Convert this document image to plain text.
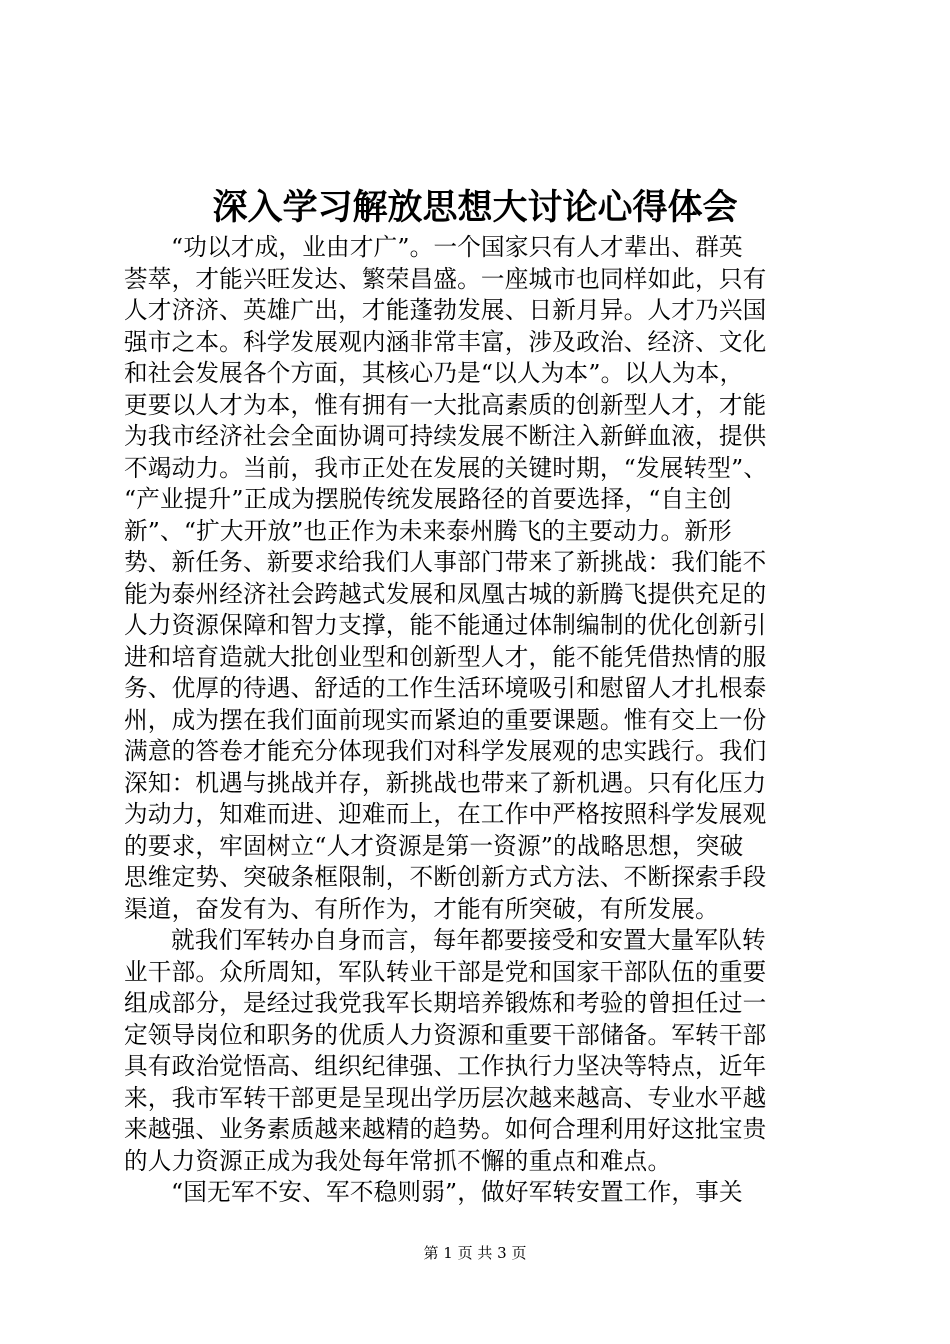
深入学习解放思想大讨论心得体会
“功以才成，业由才广”。一个国家只有人才辈出、群英
荟萃，才能兴旺发达、繁荣昌盛。一座城市也同样如此，只有
人才济济、英雄广出，才能蓬勃发展、日新月异。人才乃兴国
强市之本。科学发展观内涵非常丰富，涉及政治、经济、文化
和社会发展各个方面，其核心乃是“以人为本”。以人为本，
更要以人才为本，惟有拥有一大批高素质的创新型人才，才能
为我市经济社会全面协调可持续发展不断注入新鲜血液，提供
不竭动力。当前，我市正处在发展的关键时期，“发展转型”、
“产业提升”正成为摆脱传统发展路径的首要选择，“自主创
新”、“扩大开放”也正作为未来泰州腾飞的主要动力。新形
势、新任务、新要求给我们人事部门带来了新挑战：我们能不
能为泰州经济社会跨越式发展和凤凰古城的新腾飞提供充足的
人力资源保障和智力支撑，能不能通过体制编制的优化创新引
进和培育造就大批创业型和创新型人才，能不能凭借热情的服
务、优厚的待遇、舒适的工作生活环境吸引和慰留人才扎根泰
州，成为摆在我们面前现实而紧迫的重要课题。惟有交上一份
满意的答卷才能充分体现我们对科学发展观的忠实践行。我们
深知：机遇与挑战并存，新挑战也带来了新机遇。只有化压力
为动力，知难而进、迎难而上，在工作中严格按照科学发展观
的要求，牢固树立“人才资源是第一资源”的战略思想，突破
思维定势、突破条框限制，不断创新方式方法、不断探索手段
渠道，奋发有为、有所作为，才能有所突破，有所发展。
就我们军转办自身而言，每年都要接受和安置大量军队转
业干部。众所周知，军队转业干部是党和国家干部队伍的重要
组成部分，是经过我党我军长期培养锻炼和考验的曾担任过一
定领导岗位和职务的优质人力资源和重要干部储备。军转干部
具有政治觉悟高、组织纪律强、工作执行力坚决等特点，近年
来，我市军转干部更是呈现出学历层次越来越高、专业水平越
来越强、业务素质越来越精的趋势。如何合理利用好这批宝贵
的人力资源正成为我处每年常抓不懈的重点和难点。
“国无军不安、军不稳则弱”，做好军转安置工作，事关
第 1 页 共 3 页
